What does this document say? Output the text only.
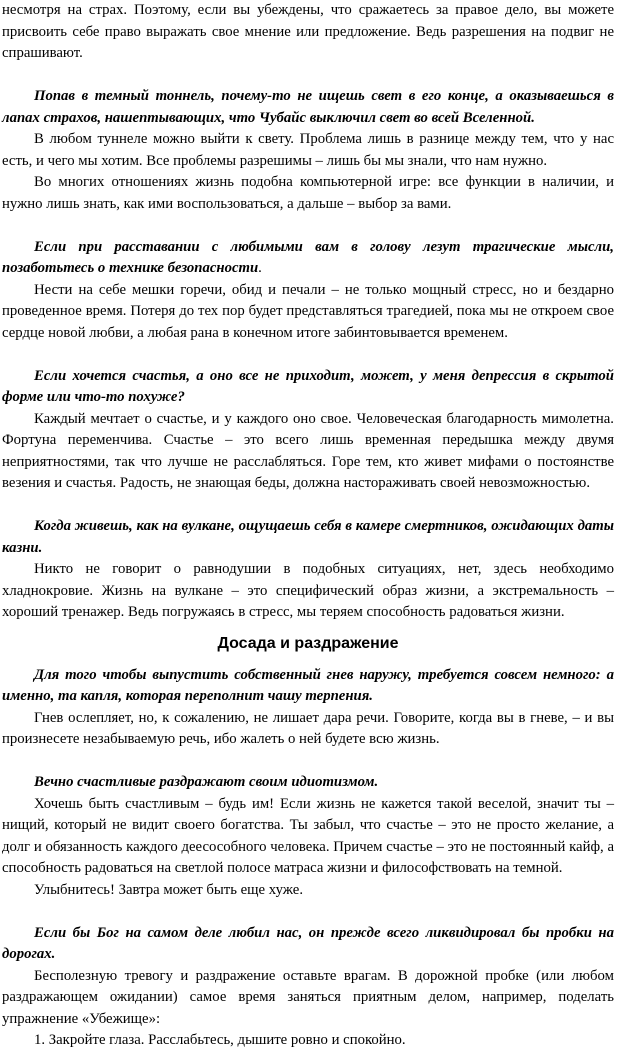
несмотря на страх. Поэтому, если вы убеждены, что сражаетесь за правое дело, вы можете присвоить себе право выражать свое мнение или предложение. Ведь разрешения на подвиг не спрашивают.

Попав в темный тоннель, почему-то не ищешь свет в его конце, а оказываешься в лапах страхов, нашептывающих, что Чубайс выключил свет во всей Вселенной.

В любом туннеле можно выйти к свету. Проблема лишь в разнице между тем, что у нас есть, и чего мы хотим. Все проблемы разрешимы – лишь бы мы знали, что нам нужно.

Во многих отношениях жизнь подобна компьютерной игре: все функции в наличии, и нужно лишь знать, как ими воспользоваться, а дальше – выбор за вами.

Если при расставании с любимыми вам в голову лезут трагические мысли, позаботьтесь о технике безопасности.

Нести на себе мешки горечи, обид и печали – не только мощный стресс, но и бездарно проведенное время. Потеря до тех пор будет представляться трагедией, пока мы не откроем свое сердце новой любви, а любая рана в конечном итоге забинтовывается временем.

Если хочется счастья, а оно все не приходит, может, у меня депрессия в скрытой форме или что-то похуже?

Каждый мечтает о счастье, и у каждого оно свое. Человеческая благодарность мимолетна. Фортуна переменчива. Счастье – это всего лишь временная передышка между двумя неприятностями, так что лучше не расслабляться. Горе тем, кто живет мифами о постоянстве везения и счастья. Радость, не знающая беды, должна настораживать своей невозможностью.

Когда живешь, как на вулкане, ощущаешь себя в камере смертников, ожидающих даты казни.

Никто не говорит о равнодушии в подобных ситуациях, нет, здесь необходимо хладнокровие. Жизнь на вулкане – это специфический образ жизни, а экстремальность – хороший тренажер. Ведь погружаясь в стресс, мы теряем способность радоваться жизни.

Досада и раздражение

Для того чтобы выпустить собственный гнев наружу, требуется совсем немного: а именно, та капля, которая переполнит чашу терпения.

Гнев ослепляет, но, к сожалению, не лишает дара речи. Говорите, когда вы в гневе, – и вы произнесете незабываемую речь, ибо жалеть о ней будете всю жизнь.

Вечно счастливые раздражают своим идиотизмом.

Хочешь быть счастливым – будь им! Если жизнь не кажется такой веселой, значит ты – нищий, который не видит своего богатства. Ты забыл, что счастье – это не просто желание, а долг и обязанность каждого деесособного человека. Причем счастье – это не постоянный кайф, а способность радоваться на светлой полосе матраса жизни и философствовать на темной.

Улыбнитесь! Завтра может быть еще хуже.

Если бы Бог на самом деле любил нас, он прежде всего ликвидировал бы пробки на дорогах.

Бесполезную тревогу и раздражение оставьте врагам. В дорожной пробке (или любом раздражающем ожидании) самое время заняться приятным делом, например, поделать упражнение «Убежище»:

1. Закройте глаза. Расслабьтесь, дышите ровно и спокойно.
